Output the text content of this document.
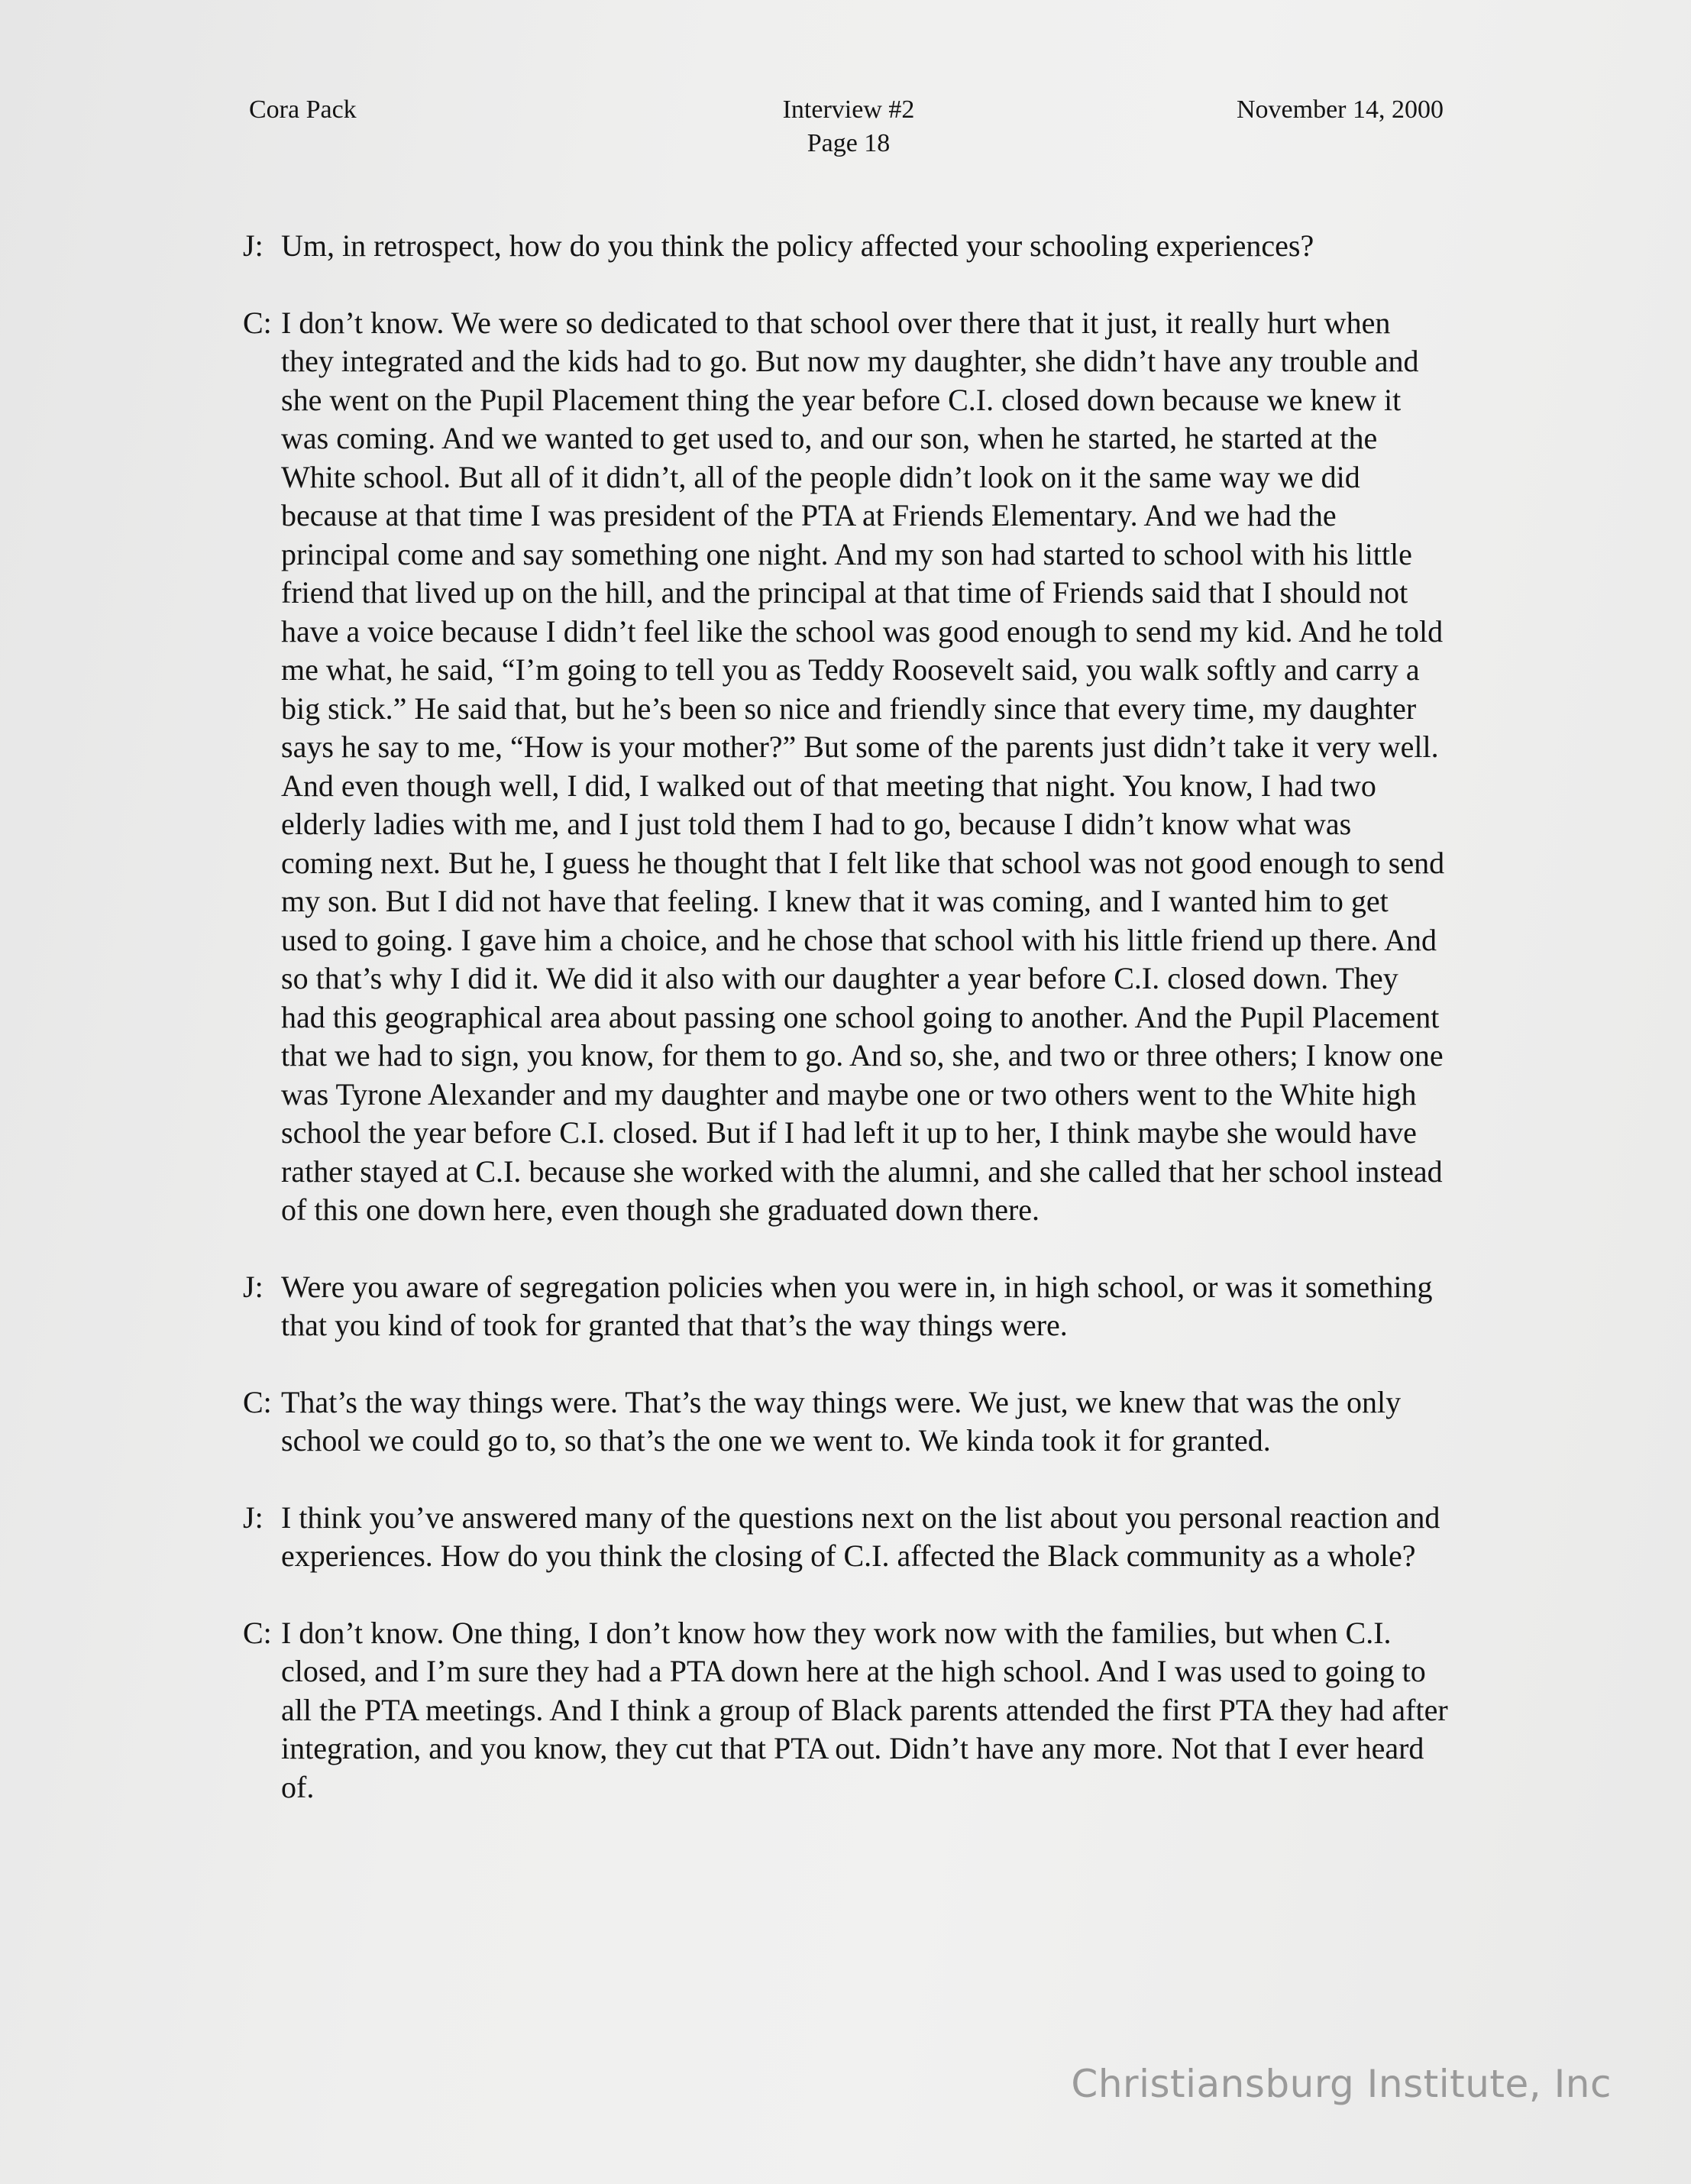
Cora Pack	Interview #2
Page 18
November 14, 2000

J: Um, in retrospect, how do you think the policy affected your schooling experiences?

C: I don’t know. We were so dedicated to that school over there that it just, it really hurt when they integrated and the kids had to go. But now my daughter, she didn’t have any trouble and she went on the Pupil Placement thing the year before C.I. closed down because we knew it was coming. And we wanted to get used to, and our son, when he started, he started at the White school. But all of it didn’t, all of the people didn’t look on it the same way we did because at that time I was president of the PTA at Friends Elementary. And we had the principal come and say something one night. And my son had started to school with his little friend that lived up on the hill, and the principal at that time of Friends said that I should not have a voice because I didn’t feel like the school was good enough to send my kid. And he told me what, he said, “I’m going to tell you as Teddy Roosevelt said, you walk softly and carry a big stick.” He said that, but he’s been so nice and friendly since that every time, my daughter says he say to me, “How is your mother?” But some of the parents just didn’t take it very well. And even though well, I did, I walked out of that meeting that night. You know, I had two elderly ladies with me, and I just told them I had to go, because I didn’t know what was coming next. But he, I guess he thought that I felt like that school was not good enough to send my son. But I did not have that feeling. I knew that it was coming, and I wanted him to get used to going. I gave him a choice, and he chose that school with his little friend up there. And so that’s why I did it. We did it also with our daughter a year before C.I. closed down. They had this geographical area about passing one school going to another. And the Pupil Placement that we had to sign, you know, for them to go. And so, she, and two or three others; I know one was Tyrone Alexander and my daughter and maybe one or two others went to the White high school the year before C.I. closed. But if I had left it up to her, I think maybe she would have rather stayed at C.I. because she worked with the alumni, and she called that her school instead of this one down here, even though she graduated down there.

J: Were you aware of segregation policies when you were in, in high school, or was it something that you kind of took for granted that that’s the way things were.

C: That’s the way things were. That’s the way things were. We just, we knew that was the only school we could go to, so that’s the one we went to. We kinda took it for granted.

J: I think you’ve answered many of the questions next on the list about you personal reaction and experiences. How do you think the closing of C.I. affected the Black community as a whole?

C: I don’t know. One thing, I don’t know how they work now with the families, but when C.I. closed, and I’m sure they had a PTA down here at the high school. And I was used to going to all the PTA meetings. And I think a group of Black parents attended the first PTA they had after integration, and you know, they cut that PTA out. Didn’t have any more. Not that I ever heard of.

Christiansburg Institute, Inc
